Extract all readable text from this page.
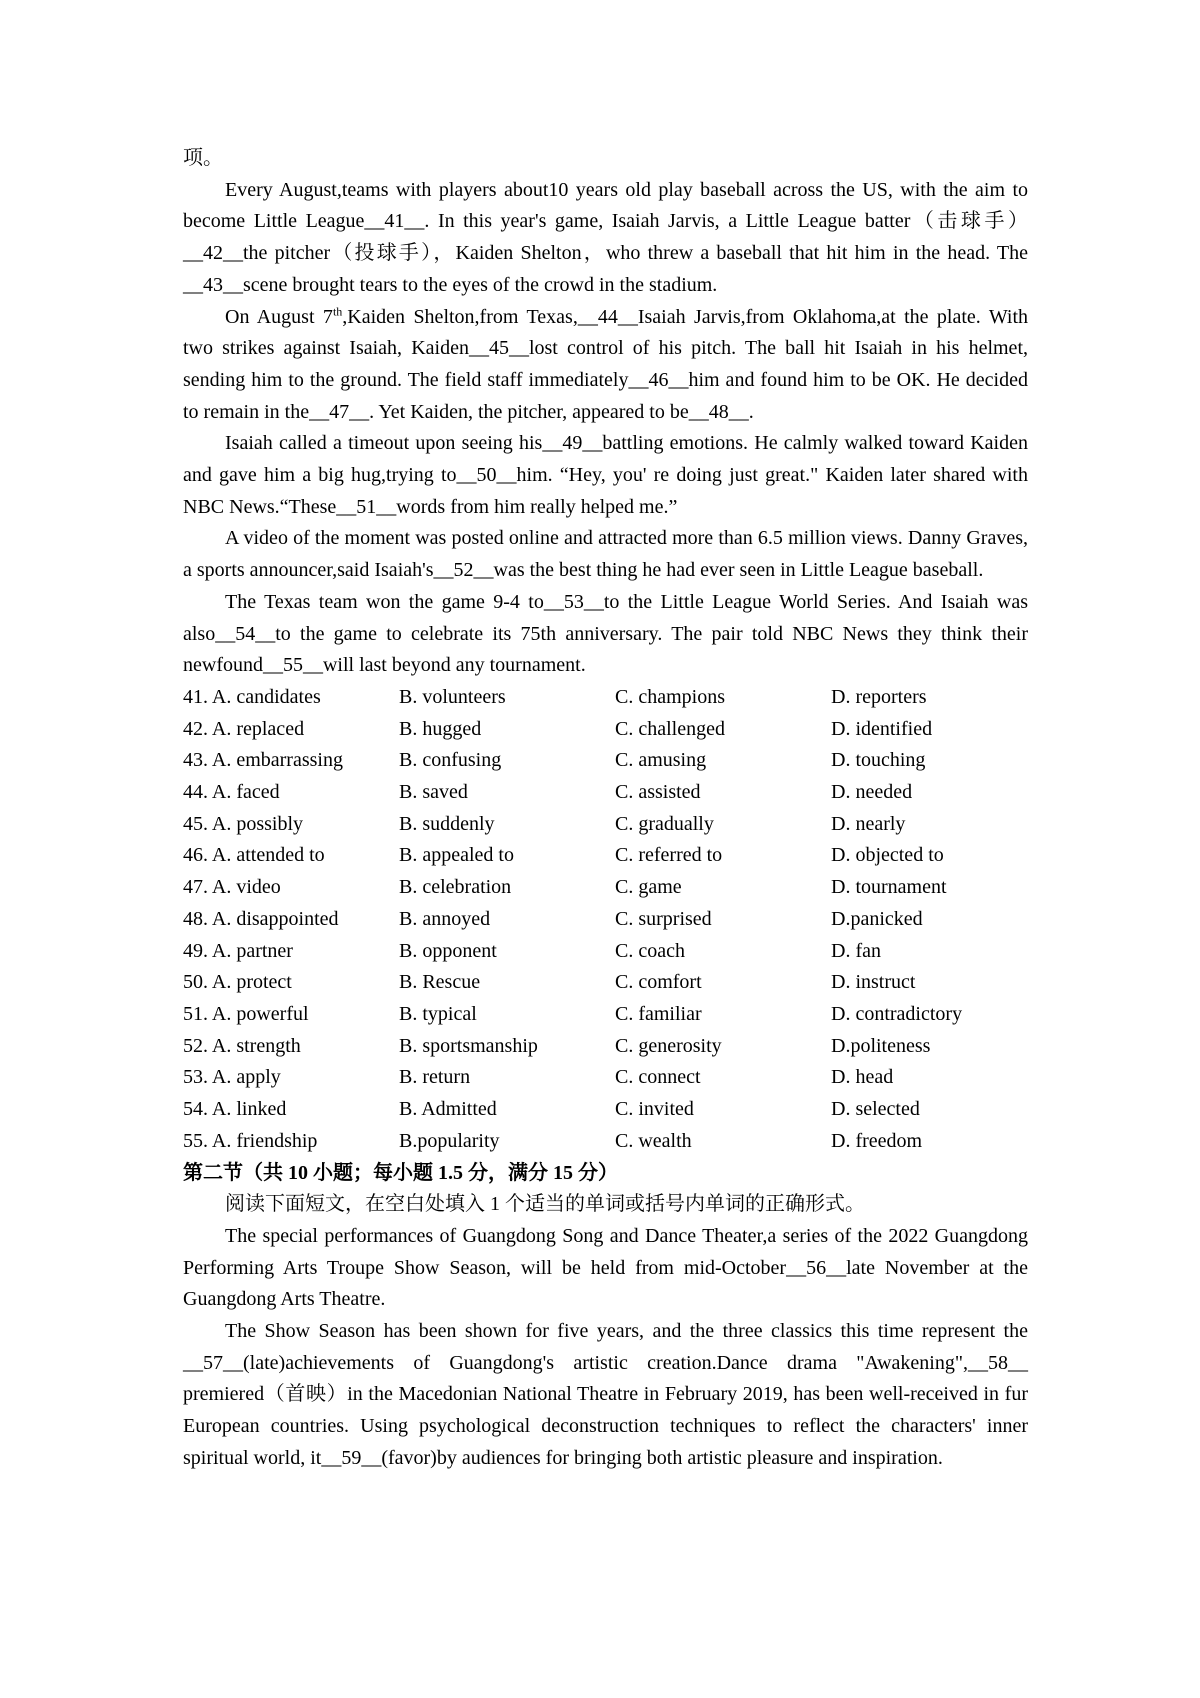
项。

Every August,teams with players about10 years old play baseball across the US, with the aim to become Little League__41__. In this year's game, Isaiah Jarvis, a Little League batter（击球手）__42__the pitcher（投球手），Kaiden Shelton，who threw a baseball that hit him in the head. The __43__scene brought tears to the eyes of the crowd in the stadium.

On August 7th,Kaiden Shelton,from Texas,__44__Isaiah Jarvis,from Oklahoma,at the plate. With two strikes against Isaiah, Kaiden__45__lost control of his pitch. The ball hit Isaiah in his helmet, sending him to the ground. The field staff immediately__46__him and found him to be OK. He decided to remain in the__47__. Yet Kaiden, the pitcher, appeared to be__48__.

Isaiah called a timeout upon seeing his__49__battling emotions. He calmly walked toward Kaiden and gave him a big hug,trying to__50__him. “Hey, you' re doing just great." Kaiden later shared with NBC News.“These__51__words from him really helped me.”

A video of the moment was posted online and attracted more than 6.5 million views. Danny Graves, a sports announcer,said Isaiah's__52__was the best thing he had ever seen in Little League baseball.

The Texas team won the game 9-4 to__53__to the Little League World Series. And Isaiah was also__54__to the game to celebrate its 75th anniversary. The pair told NBC News they think their newfound__55__will last beyond any tournament.

41. A. candidates	B. volunteers	C. champions	D. reporters
42. A. replaced	B. hugged	C. challenged	D. identified
43. A. embarrassing	B. confusing	C. amusing	D. touching
44. A. faced	B. saved	C. assisted	D. needed
45. A. possibly	B. suddenly	C. gradually	D. nearly
46. A. attended to	B. appealed to	C. referred to	D. objected to
47. A. video	B. celebration	C. game	D. tournament
48. A. disappointed	B. annoyed	C. surprised	D.panicked
49. A. partner	B. opponent	C. coach	D. fan
50. A. protect	B. Rescue	C. comfort	D. instruct
51. A. powerful	B. typical	C. familiar	D. contradictory
52. A. strength	B. sportsmanship	C. generosity	D.politeness
53. A. apply	B. return	C. connect	D. head
54. A. linked	B. Admitted	C. invited	D. selected
55. A. friendship	B.popularity	C. wealth	D. freedom

第二节（共 10 小题；每小题 1.5 分，满分 15 分）

阅读下面短文，在空白处填入 1 个适当的单词或括号内单词的正确形式。

The special performances of Guangdong Song and Dance Theater,a series of the 2022 Guangdong Performing Arts Troupe Show Season, will be held from mid-October__56__late November at the Guangdong Arts Theatre.

The Show Season has been shown for five years, and the three classics this time represent the __57__(late)achievements of Guangdong's artistic creation.Dance drama "Awakening",__58__ premiered（首映）in the Macedonian National Theatre in February 2019, has been well-received in fur European countries. Using psychological deconstruction techniques to reflect the characters' inner spiritual world, it__59__(favor)by audiences for bringing both artistic pleasure and inspiration.
